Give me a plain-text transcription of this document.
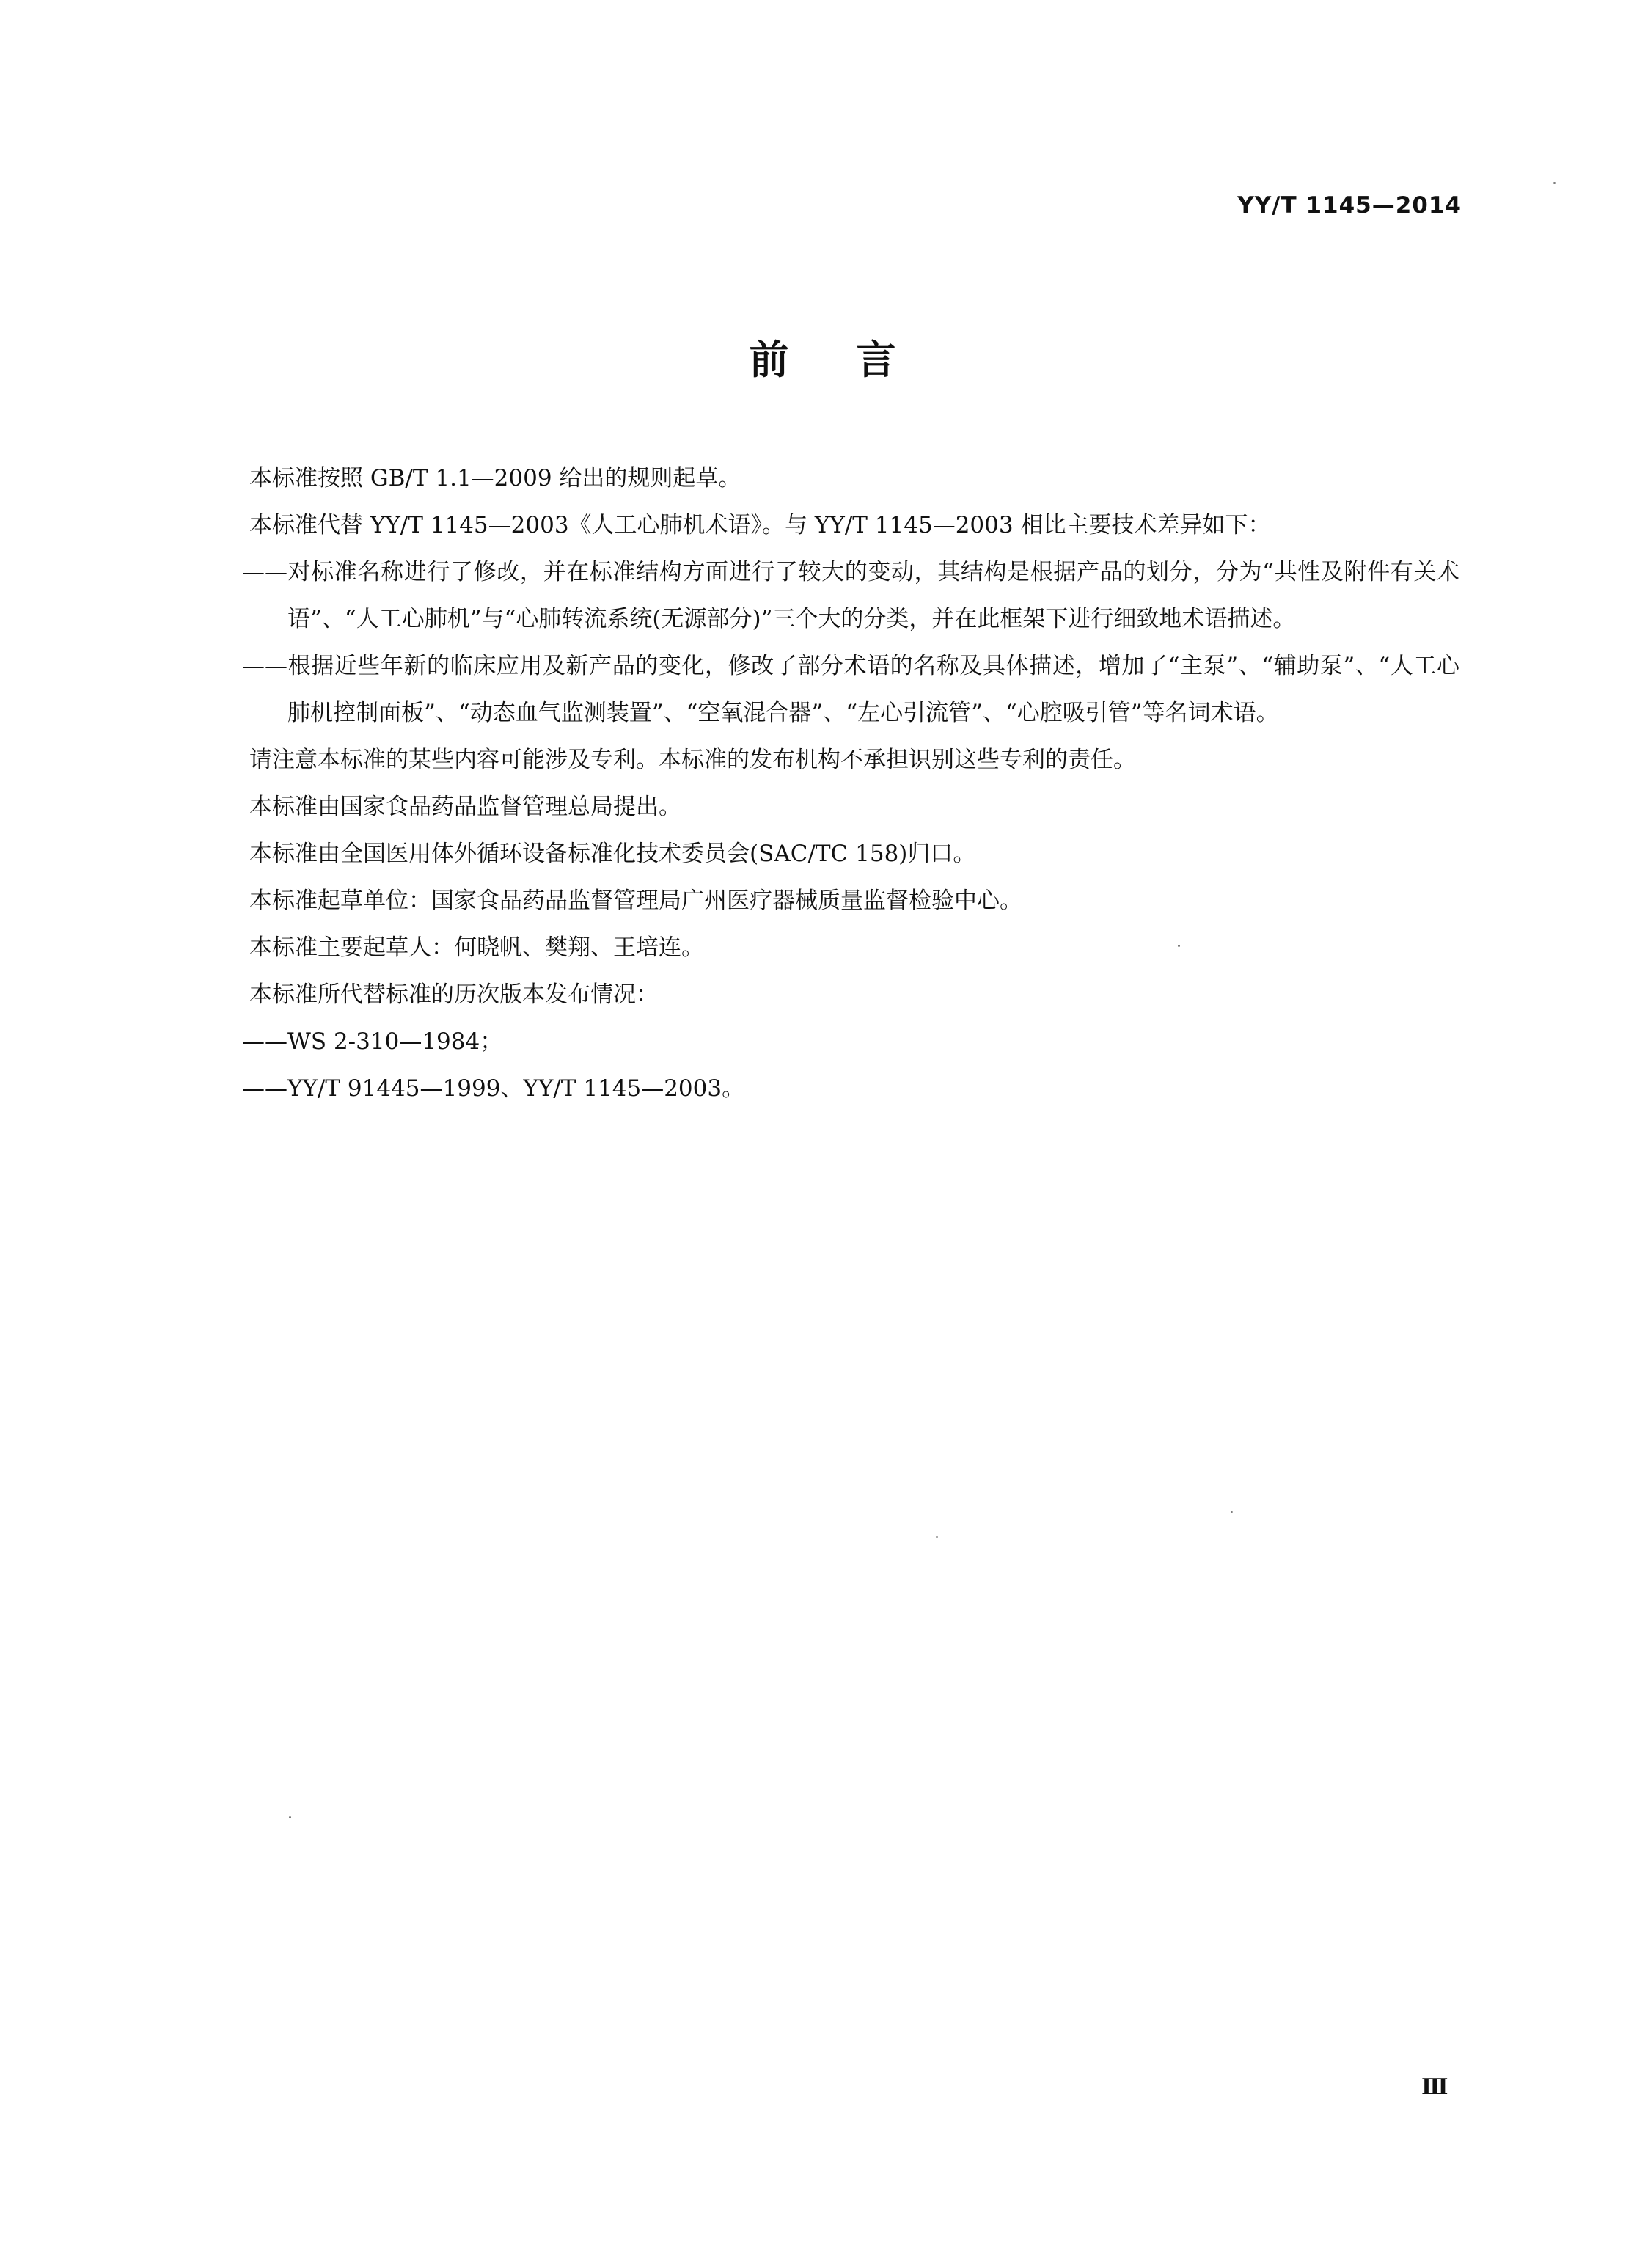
YY/T 1145—2014
前言

本标准按照 GB/T 1.1—2009 给出的规则起草。

本标准代替 YY/T 1145—2003《人工心肺机术语》。与 YY/T 1145—2003 相比主要技术差异如下：

——对标准名称进行了修改，并在标准结构方面进行了较大的变动，其结构是根据产品的划分，分为“共性及附件有关术语”、“人工心肺机”与“心肺转流系统(无源部分)”三个大的分类，并在此框架下进行细致地术语描述。

——根据近些年新的临床应用及新产品的变化，修改了部分术语的名称及具体描述，增加了“主泵”、“辅助泵”、“人工心肺机控制面板”、“动态血气监测装置”、“空氧混合器”、“左心引流管”、“心腔吸引管”等名词术语。

请注意本标准的某些内容可能涉及专利。本标准的发布机构不承担识别这些专利的责任。

本标准由国家食品药品监督管理总局提出。

本标准由全国医用体外循环设备标准化技术委员会(SAC/TC 158)归口。

本标准起草单位：国家食品药品监督管理局广州医疗器械质量监督检验中心。

本标准主要起草人：何晓帆、樊翔、王培连。

本标准所代替标准的历次版本发布情况：

——WS 2-310—1984；

——YY/T 91445—1999、YY/T 1145—2003。

Ⅲ
